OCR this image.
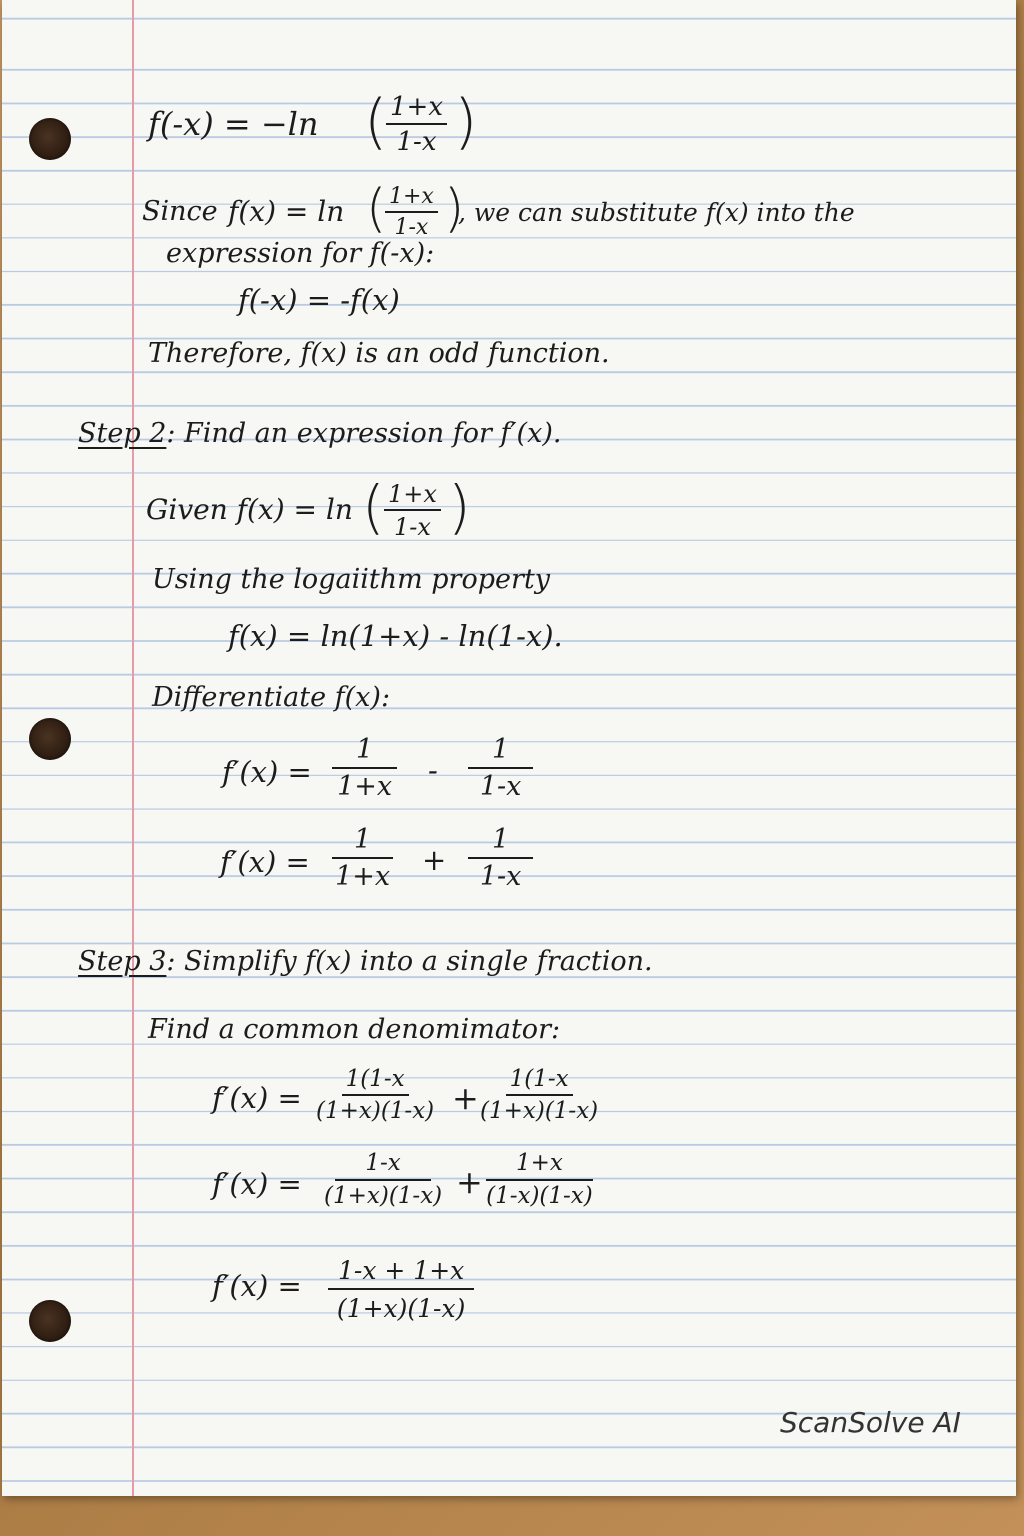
f(-x) = −ln (
$\frac{1+x}{1-x}$ )
Since f(x) = ln (
$\frac{1+x}{1-x}$ )
, we can substitute f(x) into the
expression for f(-x):
f(-x) = -f(x)
Therefore, f(x) is an odd function.
Step 2: Find an expression for f′(x).
Given f(x) = ln ( $\frac{1+x}{1-x}$ )
Using the logaiithm property
f(x) = ln(1+x) - ln(1-x).
Differentiate f(x):
$f'(x) = \frac{1}{1+x} - \frac{1}{1-x}$
$f'(x) = \frac{1}{1+x} + \frac{1}{1-x}$
Step 3: Simplify f(x) into a single fraction.
Find a common denomimator:
$f'(x) = \frac{1(1-x}{(1+x)(1-x)} + \frac{1(1-x}{(1+x)(1-x)}$
$f'(x) = \frac{1-x}{(1+x)(1-x)} + \frac{1+x}{(1-x)(1-x)}$
$f'(x) = \frac{1-x + 1+x}{(1+x)(1-x)}$
ScanSolve AI
